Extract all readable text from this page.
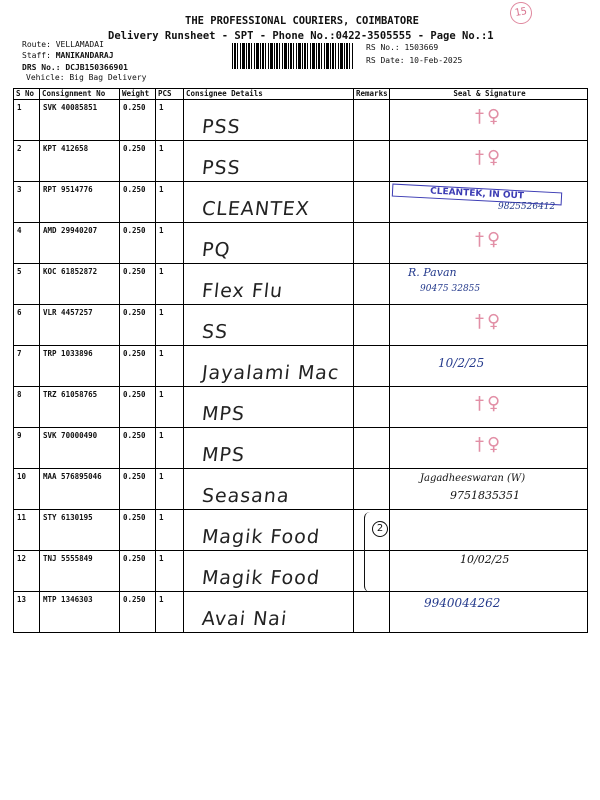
15
THE PROFESSIONAL COURIERS, COIMBATORE
Delivery Runsheet - SPT - Phone No.:0422-3505555 - Page No.:1
Route: VELLAMADAI
Staff: MANIKANDARAJ
DRS No.: DCJB150366901
Vehicle: Big Bag Delivery
RS No.: 1503669
RS Date: 10-Feb-2025
S No	Consignment No	Weight	PCS	Consignee Details	Remarks	Seal & Signature
1	SVK 40085851	0.250	1	PSS		†♀

2	KPT 412658	0.250	1	PSS		†♀

3	RPT 9514776	0.250	1	CLEANTEX		CLEANTEK, IN OUT
9825526412

4	AMD 29940207	0.250	1	PQ		†♀

5	KOC 61852872	0.250	1	Flex Flu		R. Pavan
90475 32855

6	VLR 4457257	0.250	1	SS		†♀

7	TRP 1033896	0.250	1	Jayalami Mac		10/2/25

8	TRZ 61058765	0.250	1	MPS		†♀

9	SVK 70000490	0.250	1	MPS		†♀

10	MAA 576895046	0.250	1	Seasana		Jagadheeswaran (W)
9751835351

11	STY 6130195	0.250	1	Magik Food		

12	TNJ 5555849	0.250	1	Magik Food		10/02/25

13	MTP 1346303	0.250	1	Avai Nai		9940044262
2
